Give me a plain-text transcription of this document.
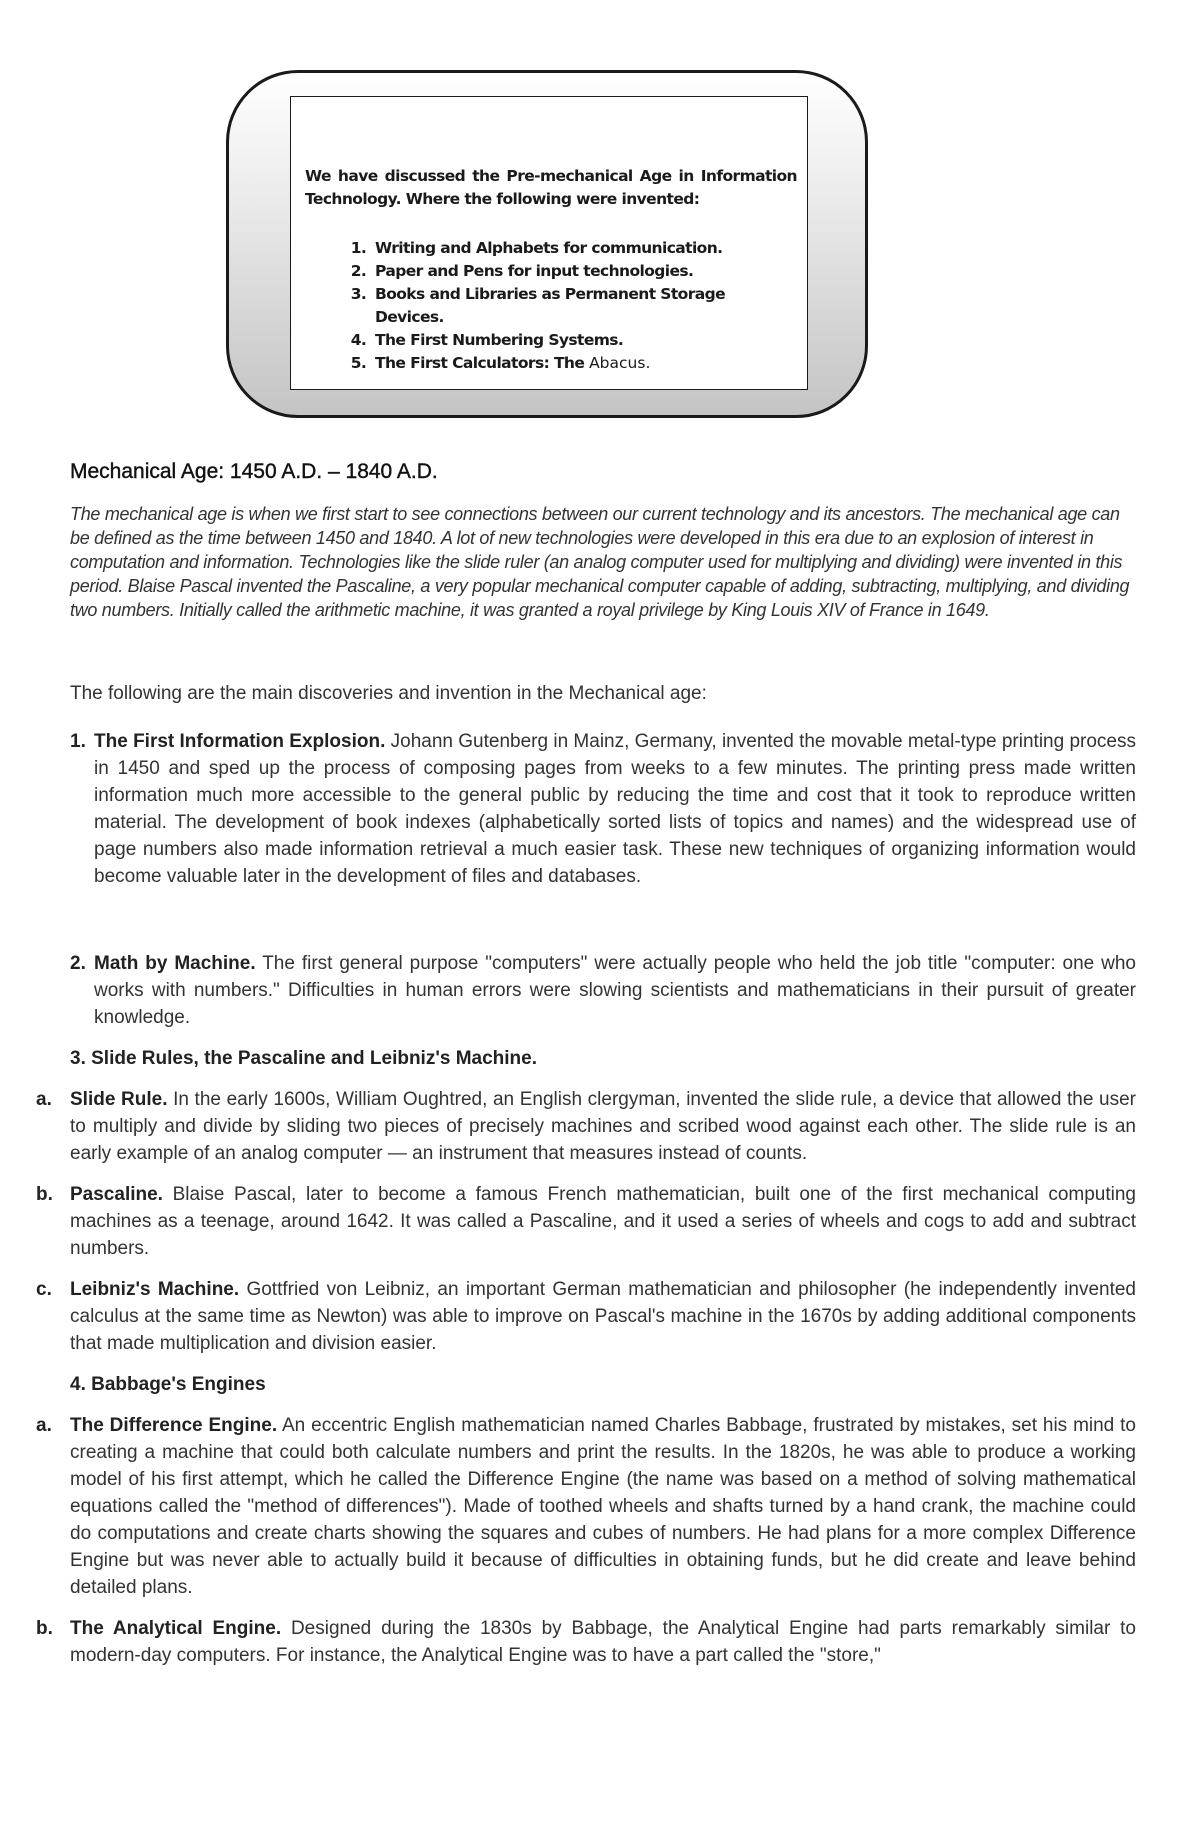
We have discussed the Pre-mechanical Age in Information Technology. Where the following were invented:

1. Writing and Alphabets for communication.
2. Paper and Pens for input technologies.
3. Books and Libraries as Permanent Storage Devices.
4. The First Numbering Systems.
5. The First Calculators: The Abacus.
Mechanical Age: 1450 A.D. – 1840 A.D.

The mechanical age is when we first start to see connections between our current technology and its ancestors. The mechanical age can be defined as the time between 1450 and 1840. A lot of new technologies were developed in this era due to an explosion of interest in computation and information. Technologies like the slide ruler (an analog computer used for multiplying and dividing) were invented in this period. Blaise Pascal invented the Pascaline, a very popular mechanical computer capable of adding, subtracting, multiplying, and dividing two numbers. Initially called the arithmetic machine, it was granted a royal privilege by King Louis XIV of France in 1649.

The following are the main discoveries and invention in the Mechanical age:

1. The First Information Explosion. Johann Gutenberg in Mainz, Germany, invented the movable metal-type printing process in 1450 and sped up the process of composing pages from weeks to a few minutes. The printing press made written information much more accessible to the general public by reducing the time and cost that it took to reproduce written material. The development of book indexes (alphabetically sorted lists of topics and names) and the widespread use of page numbers also made information retrieval a much easier task. These new techniques of organizing information would become valuable later in the development of files and databases.
2. Math by Machine. The first general purpose "computers" were actually people who held the job title "computer: one who works with numbers." Difficulties in human errors were slowing scientists and mathematicians in their pursuit of greater knowledge.
3. Slide Rules, the Pascaline and Leibniz's Machine.
a. Slide Rule. In the early 1600s, William Oughtred, an English clergyman, invented the slide rule, a device that allowed the user to multiply and divide by sliding two pieces of precisely machines and scribed wood against each other. The slide rule is an early example of an analog computer — an instrument that measures instead of counts.
b. Pascaline. Blaise Pascal, later to become a famous French mathematician, built one of the first mechanical computing machines as a teenage, around 1642. It was called a Pascaline, and it used a series of wheels and cogs to add and subtract numbers.
c. Leibniz's Machine. Gottfried von Leibniz, an important German mathematician and philosopher (he independently invented calculus at the same time as Newton) was able to improve on Pascal's machine in the 1670s by adding additional components that made multiplication and division easier.
4. Babbage's Engines
a. The Difference Engine. An eccentric English mathematician named Charles Babbage, frustrated by mistakes, set his mind to creating a machine that could both calculate numbers and print the results. In the 1820s, he was able to produce a working model of his first attempt, which he called the Difference Engine (the name was based on a method of solving mathematical equations called the "method of differences"). Made of toothed wheels and shafts turned by a hand crank, the machine could do computations and create charts showing the squares and cubes of numbers. He had plans for a more complex Difference Engine but was never able to actually build it because of difficulties in obtaining funds, but he did create and leave behind detailed plans.
b. The Analytical Engine. Designed during the 1830s by Babbage, the Analytical Engine had parts remarkably similar to modern-day computers. For instance, the Analytical Engine was to have a part called the "store,"
